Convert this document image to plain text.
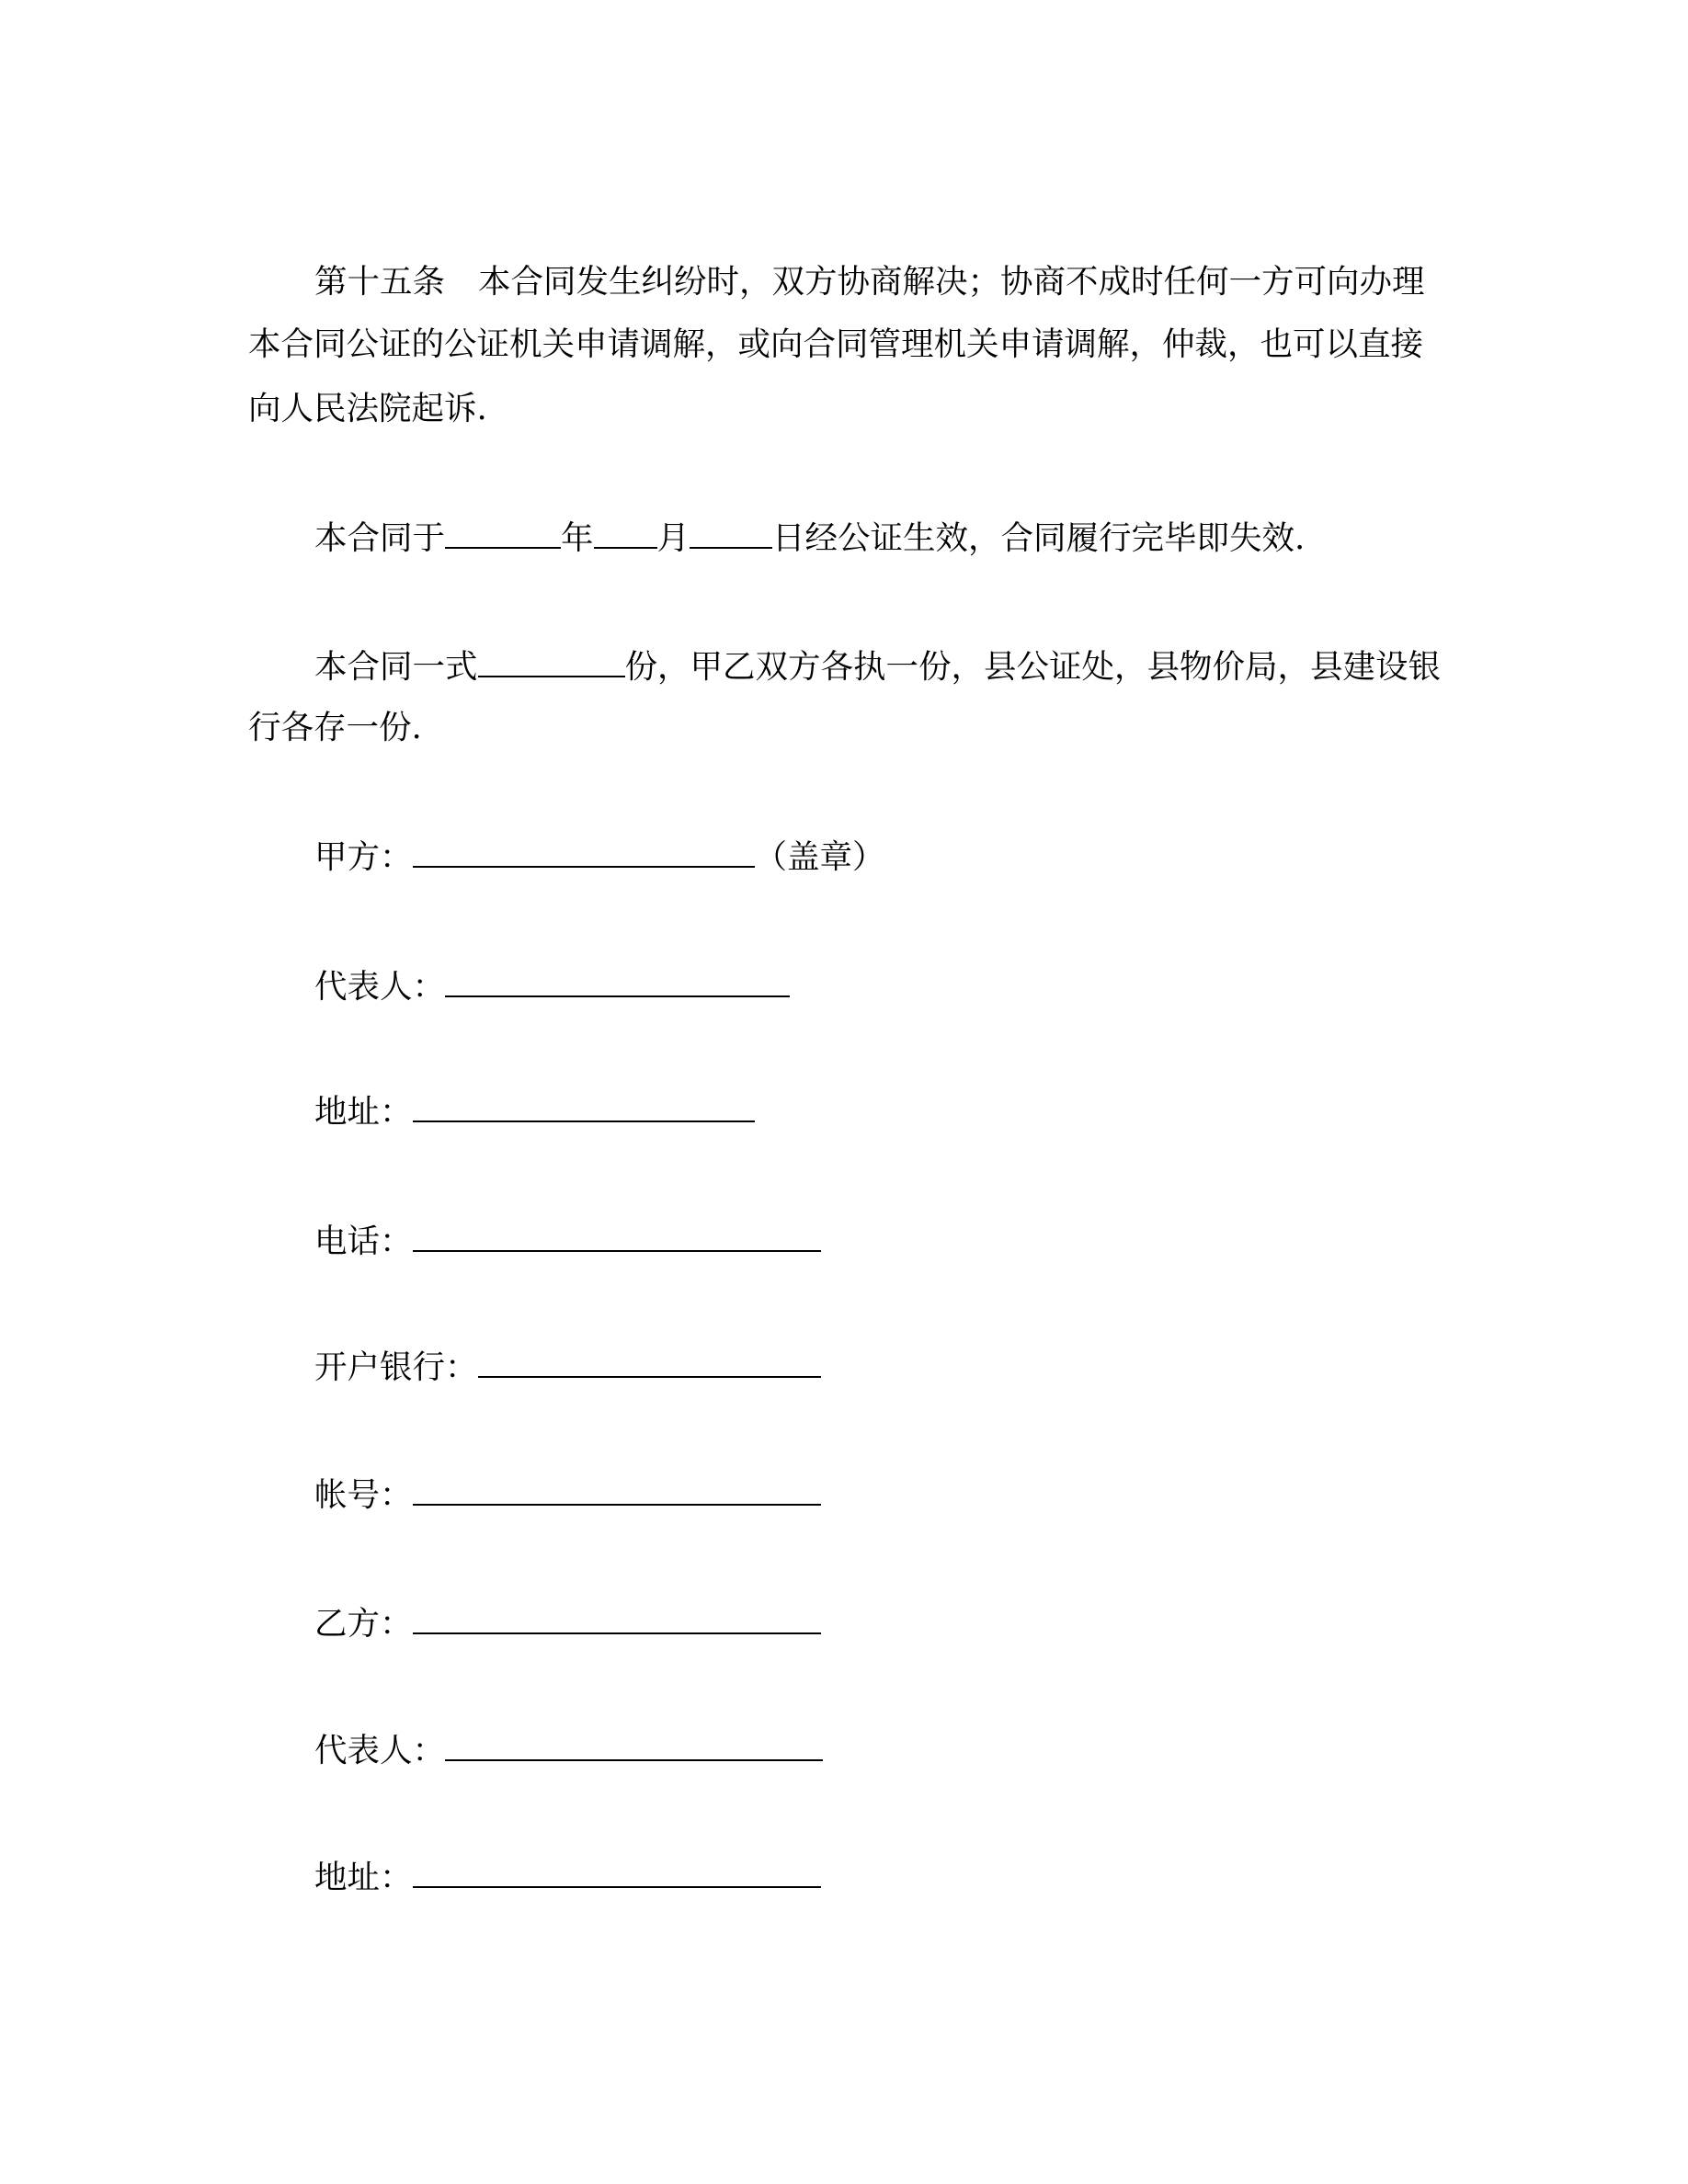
第十五条 本合同发生纠纷时，双方协商解决；协商不成时任何一方可向办理
本合同公证的公证机关申请调解，或向合同管理机关申请调解，仲裁，也可以直接
向人民法院起诉.
本合同于	年 月	日经公证生效，合同履行完毕即失效.
本合同一式	份，甲乙双方各执一份，县公证处，县物价局，县建设银
行各存一份.
甲方：	（盖章）
代表人：
地址：
电话：
开户银行：
帐号：
乙方：
代表人：
地址：
